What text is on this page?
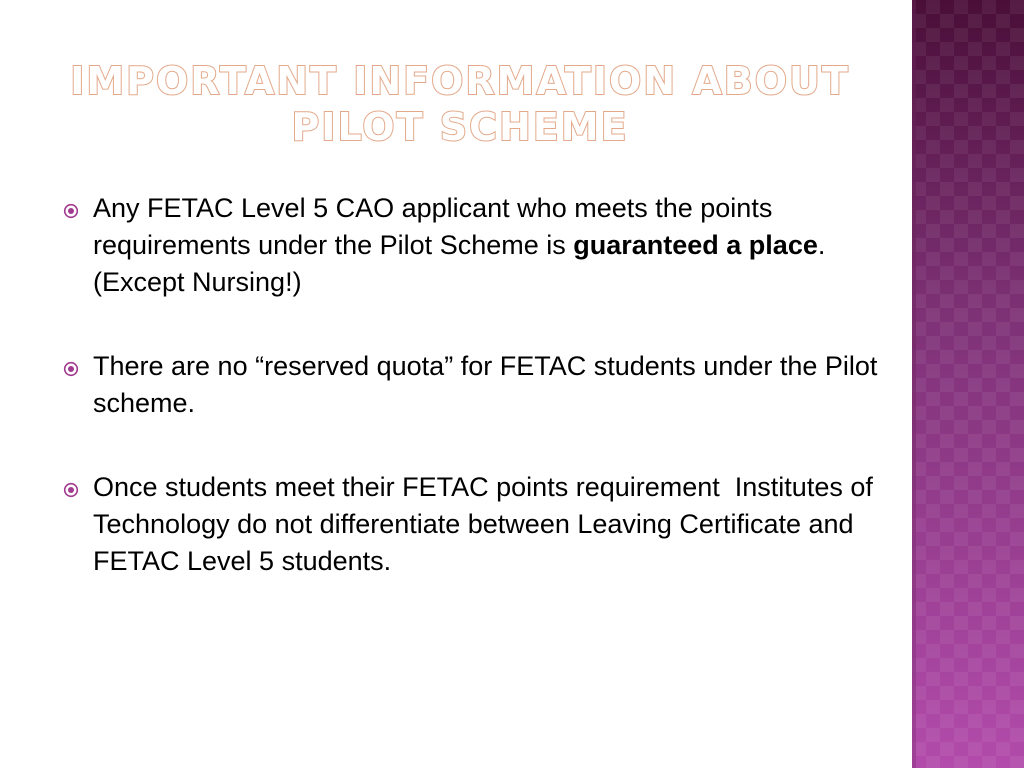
IMPORTANT INFORMATION ABOUT
PILOT SCHEME
Any FETAC Level 5 CAO applicant who meets the points requirements under the Pilot Scheme is guaranteed a place. (Except Nursing!)
There are no “reserved quota” for FETAC students under the Pilot scheme.
Once students meet their FETAC points requirement  Institutes of Technology do not differentiate between Leaving Certificate and FETAC Level 5 students.
